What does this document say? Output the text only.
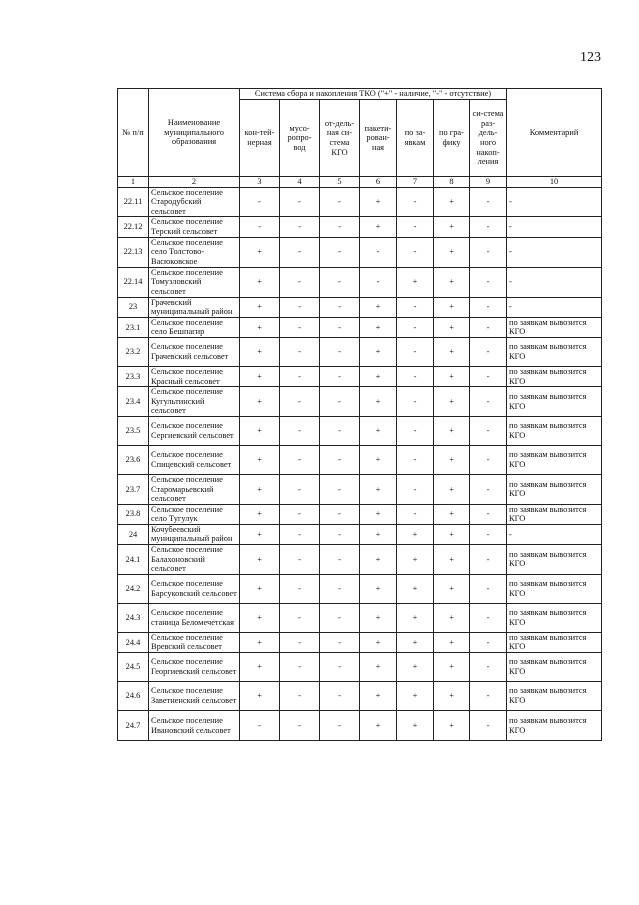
123
№ п/п	Наименование муниципального образования	Система сбора и накопления ТКО ("+" - наличие, "-" - отсутствие)							Комментарий
		кон-тей-нерная	мусо-ропро-вод	от-дель-ная си-стема КГО	пакети-рован-ная	по за-явкам	по гра-фику	си-стема раз-дель-ного накоп-ления	
1	2	3	4	5	6	7	8	9	10
22.11	Сельское поселение Стародубский сельсовет	-	-	-	+	-	+	-	-
22.12	Сельское поселение Терский сельсовет	-	-	-	+	-	+	-	-
22.13	Сельское поселение село Толстово-Васюковское	+	-	-	-	-	+	-	-
22.14	Сельское поселение Томузловский сельсовет	+	-	-	-	+	+	-	-
23	Грачевский муниципальный район	+	-	-	+	-	+	-	-
23.1	Сельское поселение село Бешпагир	+	-	-	+	-	+	-	по заявкам вывозится КГО
23.2	Сельское поселение Грачевский сельсовет	+	-	-	+	-	+	-	по заявкам вывозится КГО
23.3	Сельское поселение Красный сельсовет	+	-	-	+	-	+	-	по заявкам вывозится КГО
23.4	Сельское поселение Кугультинский сельсовет	+	-	-	+	-	+	-	по заявкам вывозится КГО
23.5	Сельское поселение Сергиевский сельсовет	+	-	-	+	-	+	-	по заявкам вывозится КГО
23.6	Сельское поселение Спицевский сельсовет	+	-	-	+	-	+	-	по заявкам вывозится КГО
23.7	Сельское поселение Старомарьевский сельсовет	+	-	-	+	-	+	-	по заявкам вывозится КГО
23.8	Сельское поселение село Тугулук	+	-	-	+	-	+	-	по заявкам вывозится КГО
24	Кочубеевский муниципальный район	+	-	-	+	+	+	-	-
24.1	Сельское поселение Балахоновский сельсовет	+	-	-	+	+	+	-	по заявкам вывозится КГО
24.2	Сельское поселение Барсуковский сельсовет	+	-	-	+	+	+	-	по заявкам вывозится КГО
24.3	Сельское поселение станица Беломечетская	+	-	-	+	+	+	-	по заявкам вывозится КГО
24.4	Сельское поселение Вревский сельсовет	+	-	-	+	+	+	-	по заявкам вывозится КГО
24.5	Сельское поселение Георгиевский сельсовет	+	-	-	+	+	+	-	по заявкам вывозится КГО
24.6	Сельское поселение Заветненский сельсовет	+	-	-	+	+	+	-	по заявкам вывозится КГО
24.7	Сельское поселение Ивановский сельсовет	-	-	-	+	+	+	-	по заявкам вывозится КГО
